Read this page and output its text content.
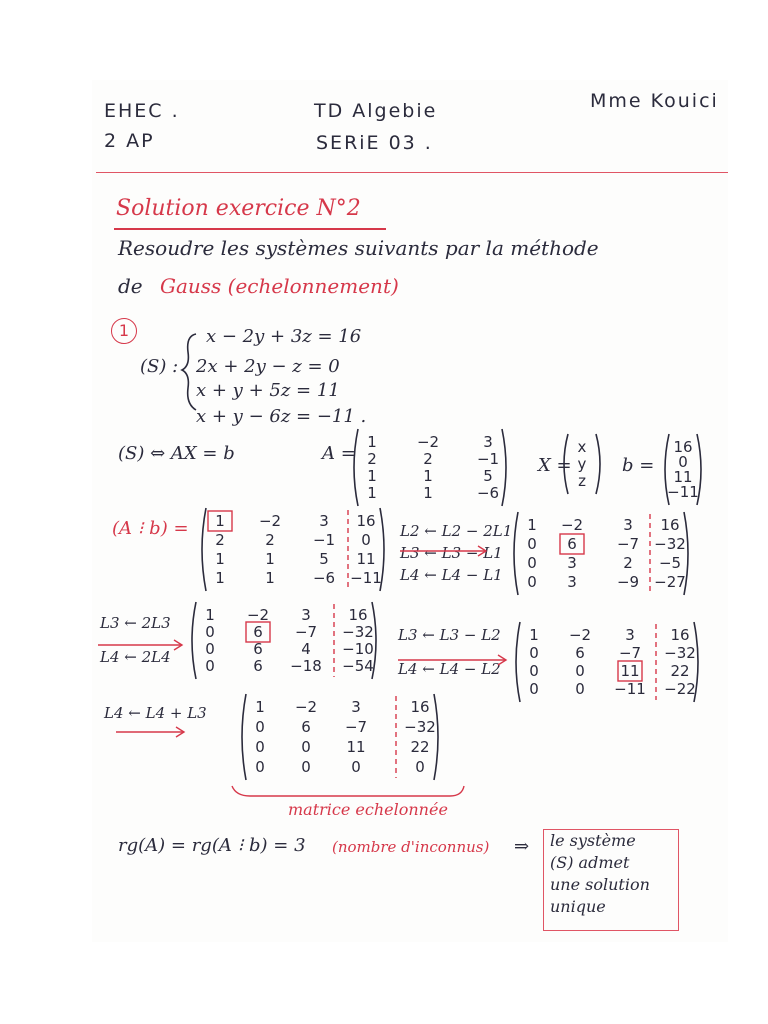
EHEC .
2 AP
TD Algebie
SERiE 03 .
Mme Kouici
Solution exercice N°2
Resoudre les systèmes suivants par la méthode
de Gauss (echelonnement)
1
(S) :
x − 2y + 3z = 16
2x + 2y − z = 0
x + y + 5z = 11
x + y − 6z = −11 .
(S) ⇔ AX = b	A =
X =	b =
(A ⁝ b) =
1	−2	3
2	2	−1
1	1	5
1	1	−6
x
y
z
16
0
11
−11
1 −2	3 16
2	2	−1 0
1	1	5 11
1	1	−6 −11
L2 ← L2 − 2L1
L3 ← L3 − L1
L4 ← L4 − L1
1 −2	3 16
0 6	−7 −32
0 3	2 −5
0 3	−9 −27
L3 ← 2L3
L4 ← 2L4
1 −2 3	16
0	6 −7 −32
0	6	4 −10
0	6 −18 −54
L3 ← L3 − L2
L4 ← L4 − L2
1 −2 3 16
0 6 −7 −32
0 0 11 22
0 0 −11 −22
L4 ← L4 + L3	1 −2 3	16
0 6 −7 −32
0 0 11	22
0 0	0	0
matrice echelonnée
rg(A) = rg(A ⁝ b) = 3 (nombre d'inconnus) ⇒	le système
(S) admet
une solution
unique
